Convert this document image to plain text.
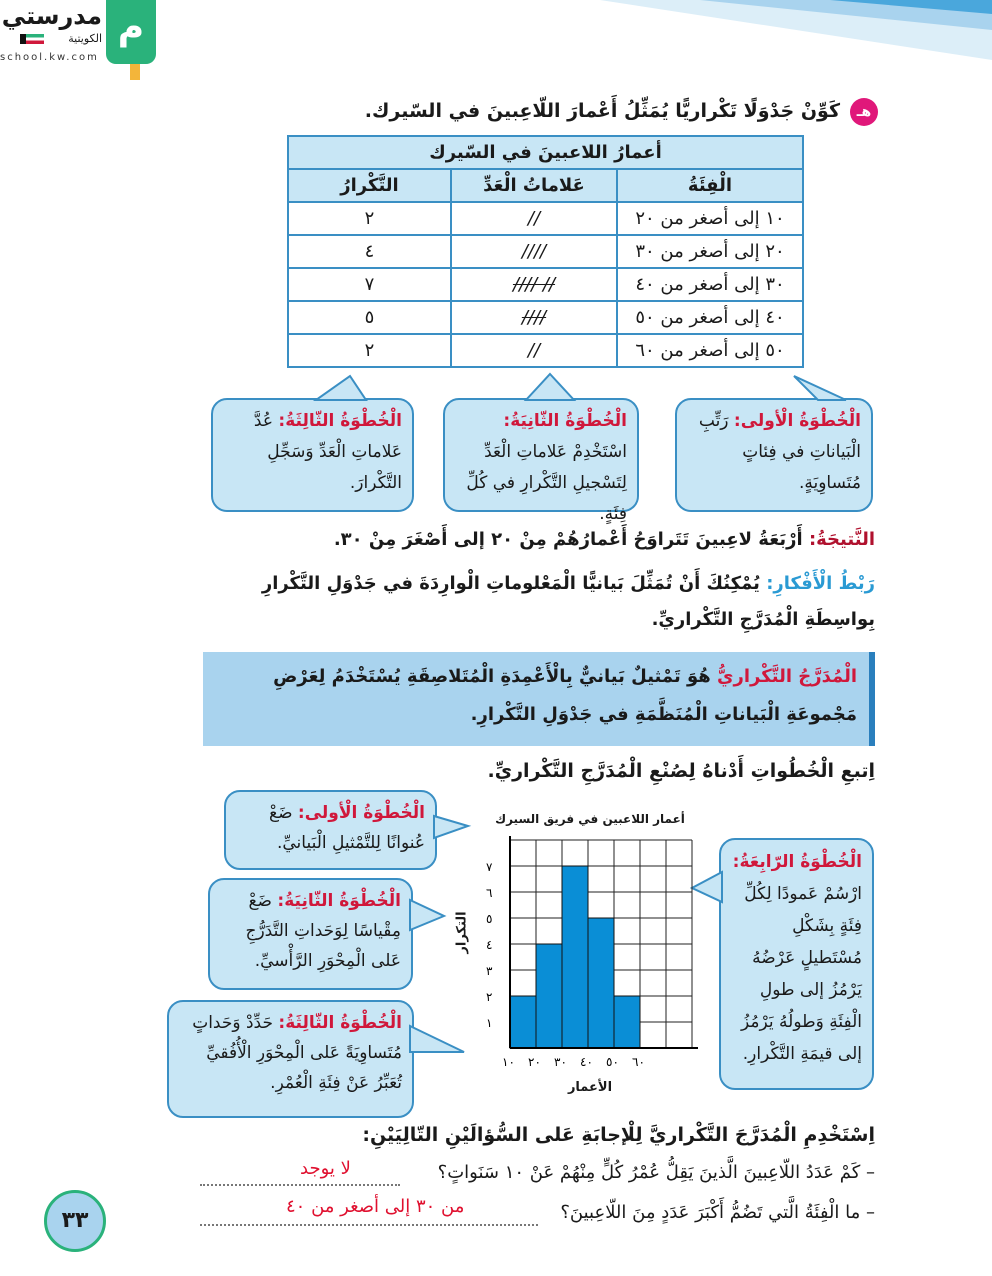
م
مدرستي
الكويتية
school.kw.com
هـ
كَوِّنْ جَدْوَلًا تَكْراريًّا يُمَثِّلُ أَعْمارَ اللّاعِبينَ في السّيرك.
أعمارُ اللاعبينَ في السّيرك		
الْفِئَةُ	عَلاماتُ الْعَدِّ	التَّكْرارُ
١٠ إلى أصغر من ٢٠	//	٢
٢٠ إلى أصغر من ٣٠	////	٤
٣٠ إلى أصغر من ٤٠	// ////	٧
٤٠ إلى أصغر من ٥٠	////	٥
٥٠ إلى أصغر من ٦٠	//	٢
الْخُطْوَةُ الْأولى: رَتِّبِ الْبَياناتِ في فِئاتٍ مُتَساوِيَةٍ.
الْخُطْوَةُ الثّانِيَةُ: اسْتَخْدِمْ عَلاماتِ الْعَدِّ لِتَسْجيلِ التَّكْرارِ في كُلِّ فِئَةٍ.
الْخُطْوَةُ الثّالِثَةُ: عُدَّ عَلاماتِ الْعَدِّ وَسَجِّلِ التَّكْرارَ.
النَّتيجَةُ: أَرْبَعَةُ لاعِبينَ تَتَراوَحُ أَعْمارُهُمْ مِنْ ٢٠ إلى أَصْغَرَ مِنْ ٣٠.
رَبْطُ الْأَفْكارِ: يُمْكِنُكَ أَنْ تُمَثِّلَ بَيانيًّا الْمَعْلوماتِ الْوارِدَةَ في جَدْوَلِ التَّكْرارِ بِواسِطَةِ الْمُدَرَّجِ التَّكْراريِّ.
الْمُدَرَّجُ التَّكْراريُّ هُوَ تَمْثيلٌ بَيانيٌّ بِالْأَعْمِدَةِ الْمُتَلاصِقَةِ يُسْتَخْدَمُ لِعَرْضِ مَجْموعَةِ الْبَياناتِ الْمُنَظَّمَةِ في جَدْوَلِ التَّكْرارِ.
اِتبعِ الْخُطُواتِ أَدْناهُ لِصُنْعِ الْمُدَرَّجِ التَّكْراريِّ.
الْخُطْوَةُ الْأولى: ضَعْ عُنوانًا لِلتَّمْثيلِ الْبَيانيِّ.
الْخُطْوَةُ الثّانِيَةُ: ضَعْ مِقْياسًا لِوَحَداتِ التَّدَرُّجِ عَلى الْمِحْوَرِ الرَّأْسيِّ.
الْخُطْوَةُ الثّالِثَةُ: حَدِّدْ وَحَداتٍ مُتَساوِيَةً عَلى الْمِحْوَرِ الْأُفُقيِّ تُعَبِّرُ عَنْ فِئَةِ الْعُمْرِ.
الْخُطْوَةُ الرّابِعَةُ: ارْسُمْ عَمودًا لِكُلِّ فِئَةٍ بِشَكْلِ مُسْتَطيلٍ عَرْضُهُ يَرْمُزُ إلى طولِ الْفِئَةِ وَطولُهُ يَرْمُزُ إلى قيمَةِ التَّكْرارِ.
أعمار اللاعبين في فريق السيرك
١
٢
٣
٤
٥
٦
٧
١٠ ٢٠ ٣٠ ٤٠ ٥٠ ٦٠
الأعمار
التكرار
اِسْتَخْدِمِ الْمُدَرَّجَ التَّكْراريَّ لِلْإجابَةِ عَلى السُّؤالَيْنِ التّالِيَيْنِ:
– كَمْ عَدَدُ اللّاعِبينَ الَّذينَ يَقِلُّ عُمْرُ كُلٍّ مِنْهُمْ عَنْ ١٠ سَنَواتٍ؟
لا يوجد
– ما الْفِئَةُ الَّتي تَضُمُّ أَكْبَرَ عَدَدٍ مِنَ اللّاعِبينَ؟
من ٣٠ إلى أصغر من ٤٠
٣٣
